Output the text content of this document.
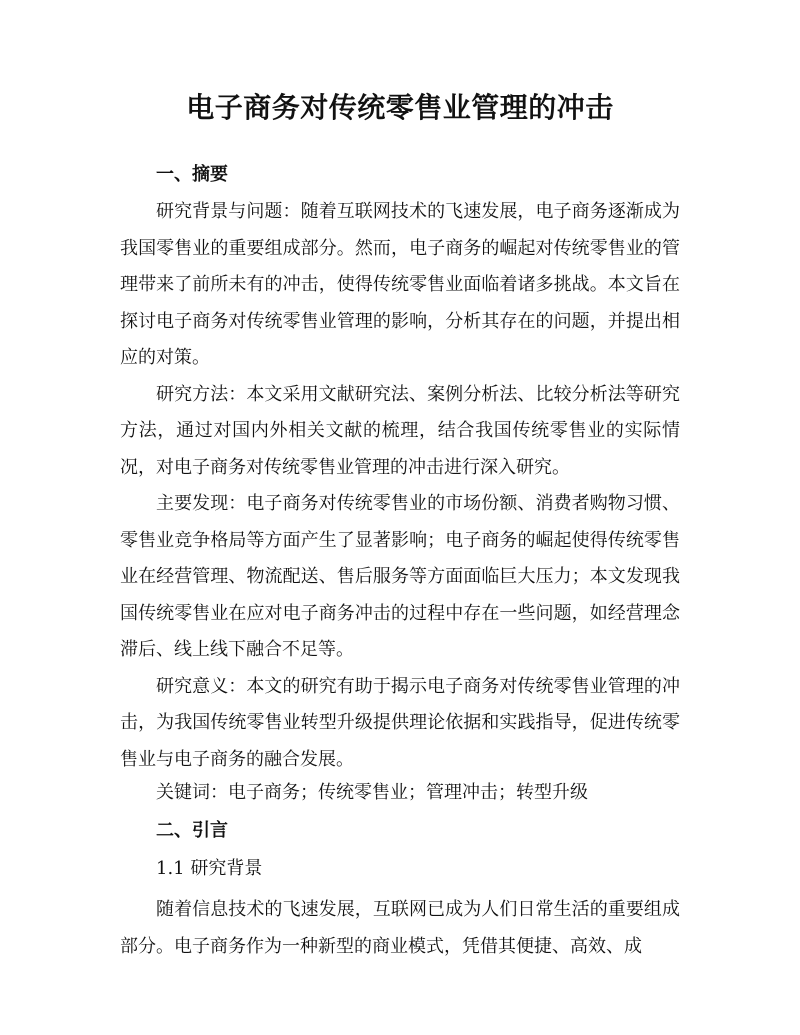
电子商务对传统零售业管理的冲击
一、摘要

研究背景与问题：随着互联网技术的飞速发展，电子商务逐渐成为我国零售业的重要组成部分。然而，电子商务的崛起对传统零售业的管理带来了前所未有的冲击，使得传统零售业面临着诸多挑战。本文旨在探讨电子商务对传统零售业管理的影响，分析其存在的问题，并提出相应的对策。

研究方法：本文采用文献研究法、案例分析法、比较分析法等研究方法，通过对国内外相关文献的梳理，结合我国传统零售业的实际情况，对电子商务对传统零售业管理的冲击进行深入研究。

主要发现：电子商务对传统零售业的市场份额、消费者购物习惯、零售业竞争格局等方面产生了显著影响；电子商务的崛起使得传统零售业在经营管理、物流配送、售后服务等方面面临巨大压力；本文发现我国传统零售业在应对电子商务冲击的过程中存在一些问题，如经营理念滞后、线上线下融合不足等。

研究意义：本文的研究有助于揭示电子商务对传统零售业管理的冲击，为我国传统零售业转型升级提供理论依据和实践指导，促进传统零售业与电子商务的融合发展。

关键词：电子商务；传统零售业；管理冲击；转型升级

二、引言

1.1 研究背景

随着信息技术的飞速发展，互联网已成为人们日常生活的重要组成部分。电子商务作为一种新型的商业模式，凭借其便捷、高效、成
